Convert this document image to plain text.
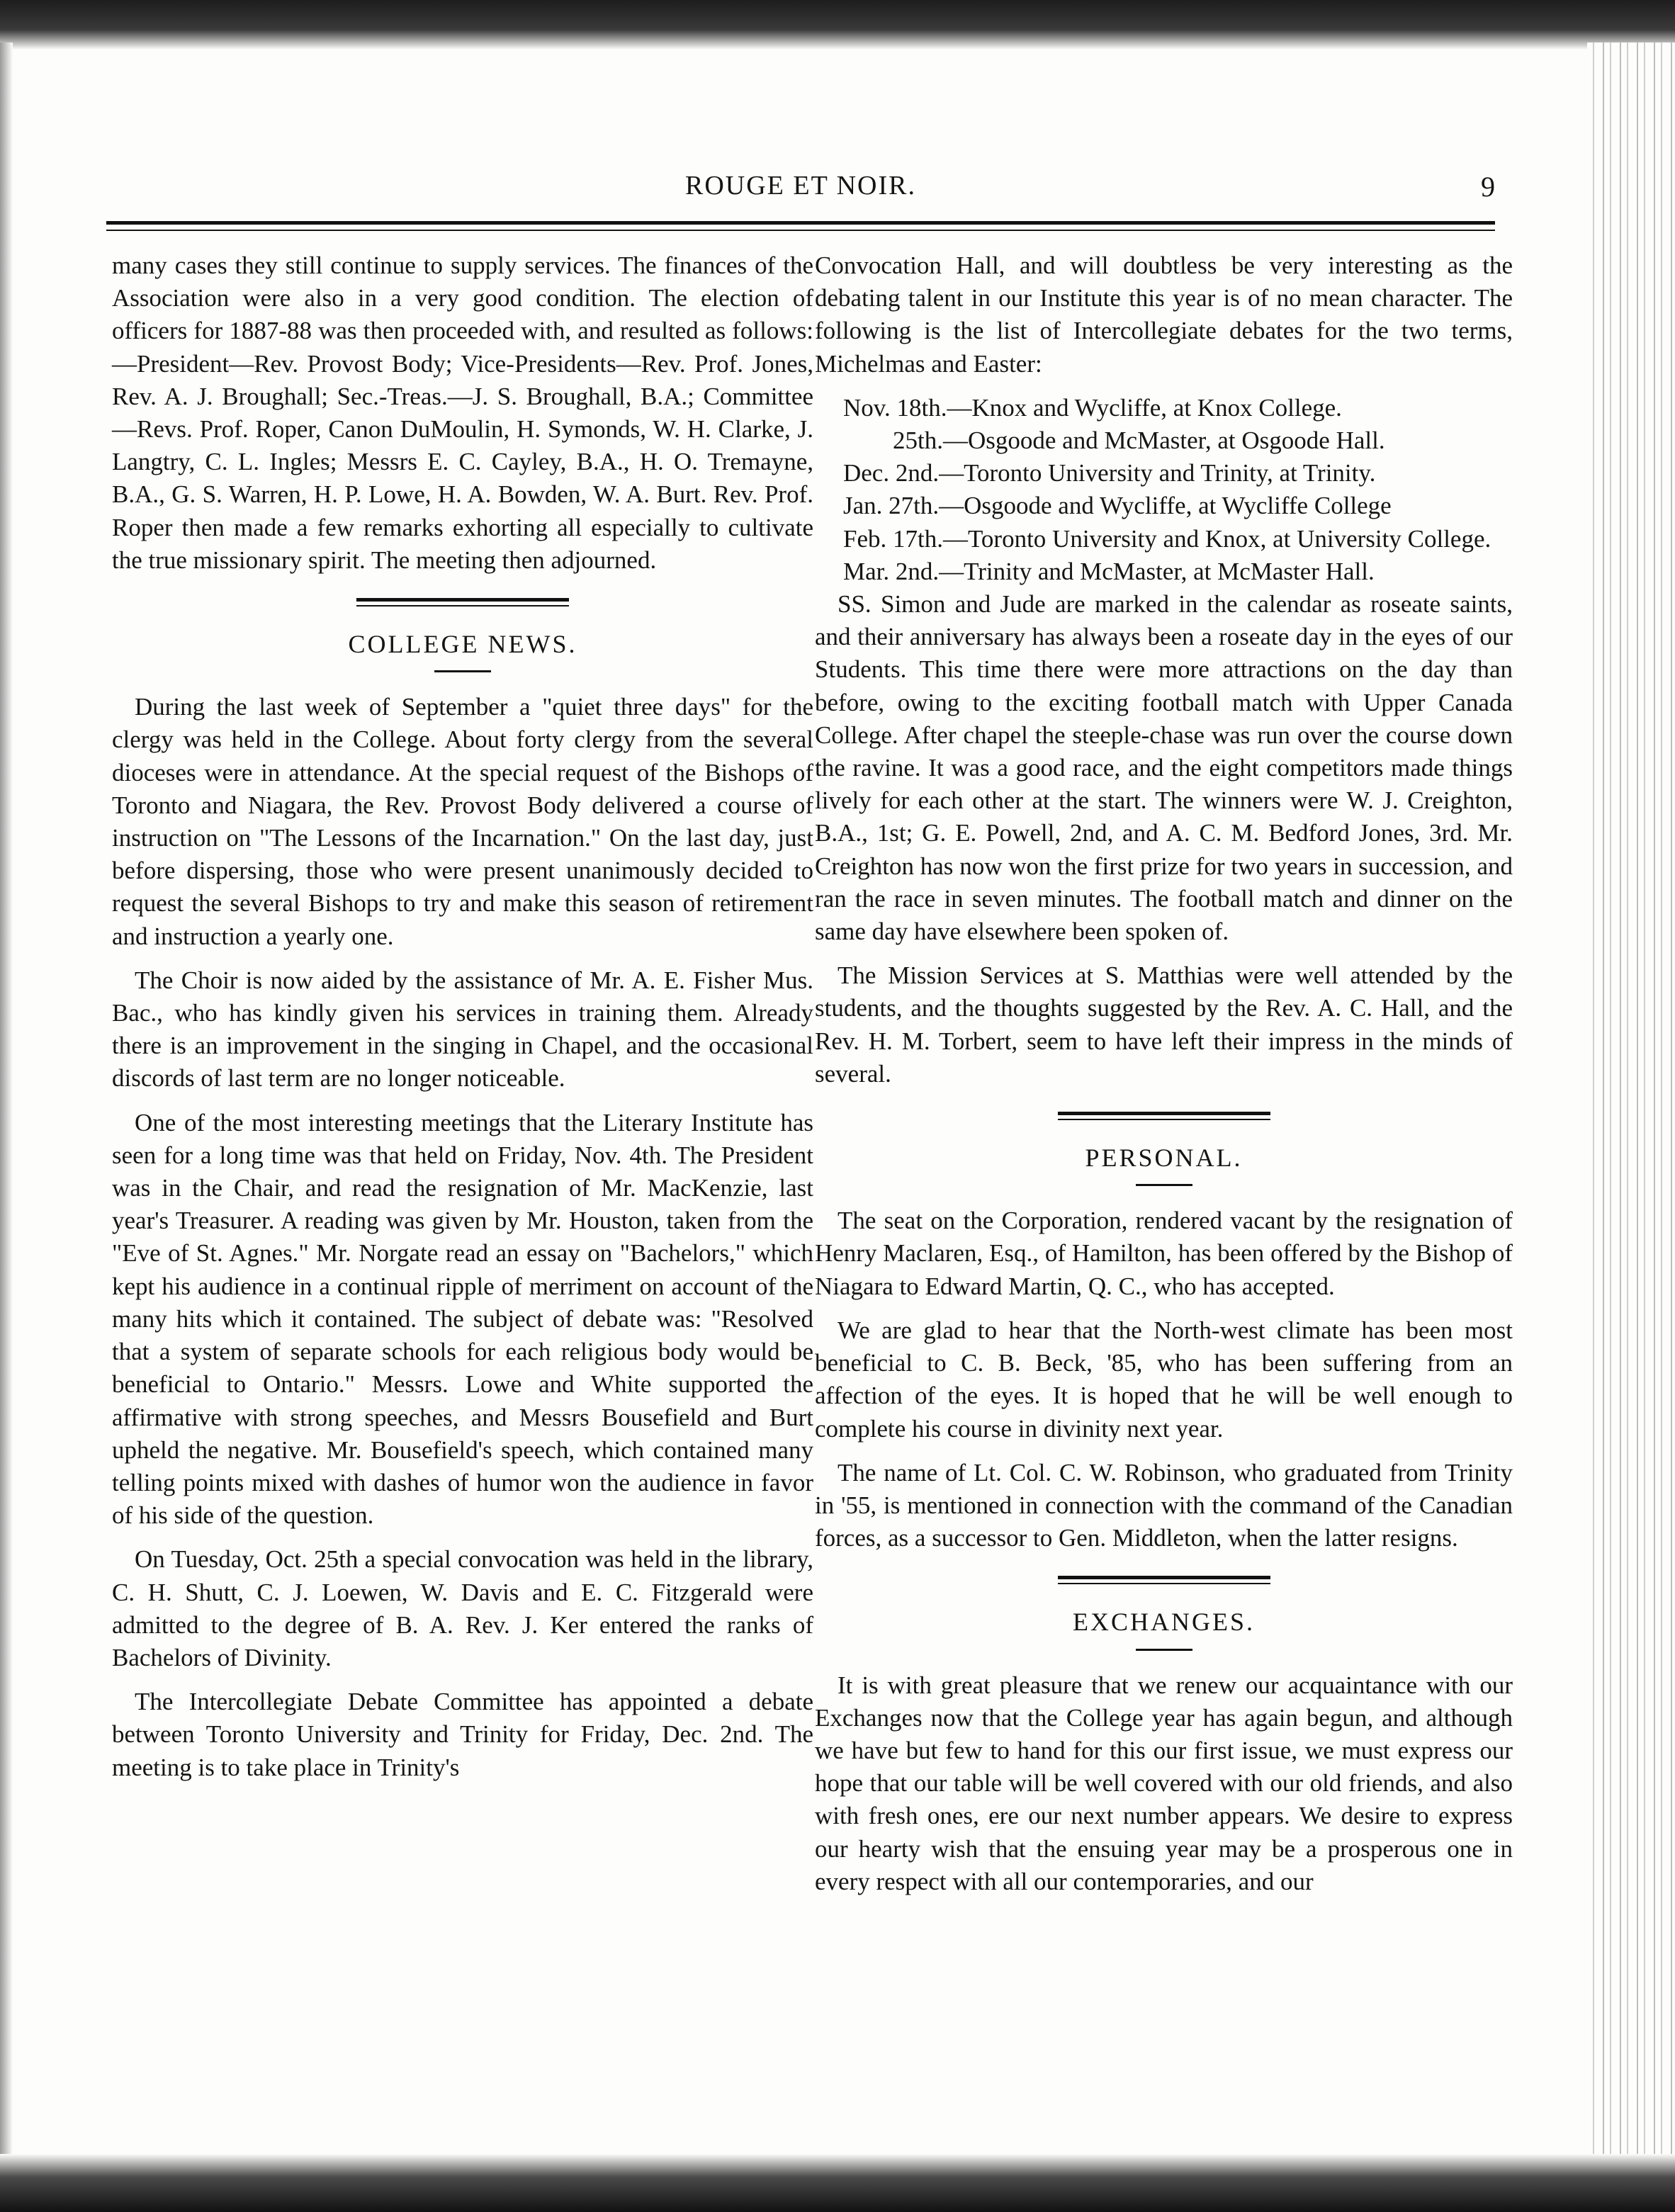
ROUGE ET NOIR.	9

many cases they still continue to supply services. The finances of the Association were also in a very good condition. The election of officers for 1887-88 was then proceeded with, and resulted as follows:—President—Rev. Provost Body; Vice-Presidents—Rev. Prof. Jones, Rev. A. J. Broughall; Sec.-Treas.—J. S. Broughall, B.A.; Committee—Revs. Prof. Roper, Canon DuMoulin, H. Symonds, W. H. Clarke, J. Langtry, C. L. Ingles; Messrs E. C. Cayley, B.A., H. O. Tremayne, B.A., G. S. Warren, H. P. Lowe, H. A. Bowden, W. A. Burt. Rev. Prof. Roper then made a few remarks exhorting all especially to cultivate the true missionary spirit. The meeting then adjourned.

COLLEGE NEWS.

During the last week of September a "quiet three days" for the clergy was held in the College. About forty clergy from the several dioceses were in attendance. At the special request of the Bishops of Toronto and Niagara, the Rev. Provost Body delivered a course of instruction on "The Lessons of the Incarnation." On the last day, just before dispersing, those who were present unanimously decided to request the several Bishops to try and make this season of retirement and instruction a yearly one.

The Choir is now aided by the assistance of Mr. A. E. Fisher Mus. Bac., who has kindly given his services in training them. Already there is an improvement in the singing in Chapel, and the occasional discords of last term are no longer noticeable.

One of the most interesting meetings that the Literary Institute has seen for a long time was that held on Friday, Nov. 4th. The President was in the Chair, and read the resignation of Mr. MacKenzie, last year's Treasurer. A reading was given by Mr. Houston, taken from the "Eve of St. Agnes." Mr. Norgate read an essay on "Bachelors," which kept his audience in a continual ripple of merriment on account of the many hits which it contained. The subject of debate was: "Resolved that a system of separate schools for each religious body would be beneficial to Ontario." Messrs. Lowe and White supported the affirmative with strong speeches, and Messrs Bousefield and Burt upheld the negative. Mr. Bousefield's speech, which contained many telling points mixed with dashes of humor won the audience in favor of his side of the question.

On Tuesday, Oct. 25th a special convocation was held in the library, C. H. Shutt, C. J. Loewen, W. Davis and E. C. Fitzgerald were admitted to the degree of B. A. Rev. J. Ker entered the ranks of Bachelors of Divinity.

The Intercollegiate Debate Committee has appointed a debate between Toronto University and Trinity for Friday, Dec. 2nd. The meeting is to take place in Trinity's

Convocation Hall, and will doubtless be very interesting as the debating talent in our Institute this year is of no mean character. The following is the list of Intercollegiate debates for the two terms, Michelmas and Easter:

Nov. 18th.—Knox and Wycliffe, at Knox College.

25th.—Osgoode and McMaster, at Osgoode Hall.

Dec. 2nd.—Toronto University and Trinity, at Trinity.

Jan. 27th.—Osgoode and Wycliffe, at Wycliffe College

Feb. 17th.—Toronto University and Knox, at University College.

Mar. 2nd.—Trinity and McMaster, at McMaster Hall.

SS. Simon and Jude are marked in the calendar as roseate saints, and their anniversary has always been a roseate day in the eyes of our Students. This time there were more attractions on the day than before, owing to the exciting football match with Upper Canada College. After chapel the steeple-chase was run over the course down the ravine. It was a good race, and the eight competitors made things lively for each other at the start. The winners were W. J. Creighton, B.A., 1st; G. E. Powell, 2nd, and A. C. M. Bedford Jones, 3rd. Mr. Creighton has now won the first prize for two years in succession, and ran the race in seven minutes. The football match and dinner on the same day have elsewhere been spoken of.

The Mission Services at S. Matthias were well attended by the students, and the thoughts suggested by the Rev. A. C. Hall, and the Rev. H. M. Torbert, seem to have left their impress in the minds of several.

PERSONAL.

The seat on the Corporation, rendered vacant by the resignation of Henry Maclaren, Esq., of Hamilton, has been offered by the Bishop of Niagara to Edward Martin, Q. C., who has accepted.

We are glad to hear that the North-west climate has been most beneficial to C. B. Beck, '85, who has been suffering from an affection of the eyes. It is hoped that he will be well enough to complete his course in divinity next year.

The name of Lt. Col. C. W. Robinson, who graduated from Trinity in '55, is mentioned in connection with the command of the Canadian forces, as a successor to Gen. Middleton, when the latter resigns.

EXCHANGES.

It is with great pleasure that we renew our acquaintance with our Exchanges now that the College year has again begun, and although we have but few to hand for this our first issue, we must express our hope that our table will be well covered with our old friends, and also with fresh ones, ere our next number appears. We desire to express our hearty wish that the ensuing year may be a prosperous one in every respect with all our contemporaries, and our
